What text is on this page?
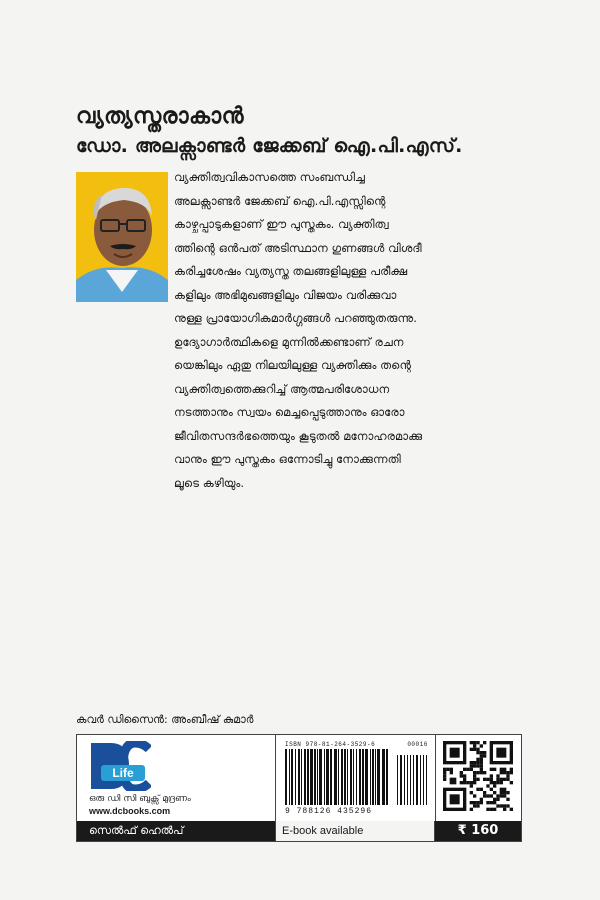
വ്യത്യസ്തരാകാൻ
ഡോ. അലക്സാണ്ടർ ജേക്കബ് ഐ.പി.എസ്.
വ്യക്തിത്വവികാസത്തെ സംബന്ധിച്ച
അലക്സാണ്ടർ ജേക്കബ് ഐ.പി.എസ്സിന്റെ
കാഴ്ചപ്പാടുകളാണ് ഈ പുസ്തകം. വ്യക്തിത്വ
ത്തിന്റെ ഒൻപത് അടിസ്ഥാന ഗുണങ്ങൾ വിശദീ
കരിച്ചശേഷം വ്യത്യസ്ത തലങ്ങളിലുള്ള പരീക്ഷ
കളിലും അഭിമുഖങ്ങളിലും വിജയം വരിക്കുവാ
നുള്ള പ്രായോഗികമാർഗ്ഗങ്ങൾ പറഞ്ഞുതരുന്നു.
ഉദ്യോഗാർത്ഥികളെ മുന്നിൽക്കണ്ടാണ് രചന
യെങ്കിലും ഏതു നിലയിലുള്ള വ്യക്തിക്കും തന്റെ
വ്യക്തിത്വത്തെക്കുറിച്ച് ആത്മപരിശോധന
നടത്താനും സ്വയം മെച്ചപ്പെടുത്താനും ഓരോ
ജീവിതസന്ദർഭത്തെയും കൂടുതൽ മനോഹരമാക്കു
വാനും ഈ പുസ്തകം ഒന്നോടിച്ചു നോക്കുന്നതി
ലൂടെ കഴിയും.
കവർ ഡിസൈൻ: അംബീഷ് കുമാർ
Life
ഒരു ഡി സി ബുക്സ് മുദ്രണം
www.dcbooks.com
ISBN 978-81-264-3529-6	00016
9 788126 435296
സെൽഫ് ഹെൽപ്	E-book available	₹ 160
